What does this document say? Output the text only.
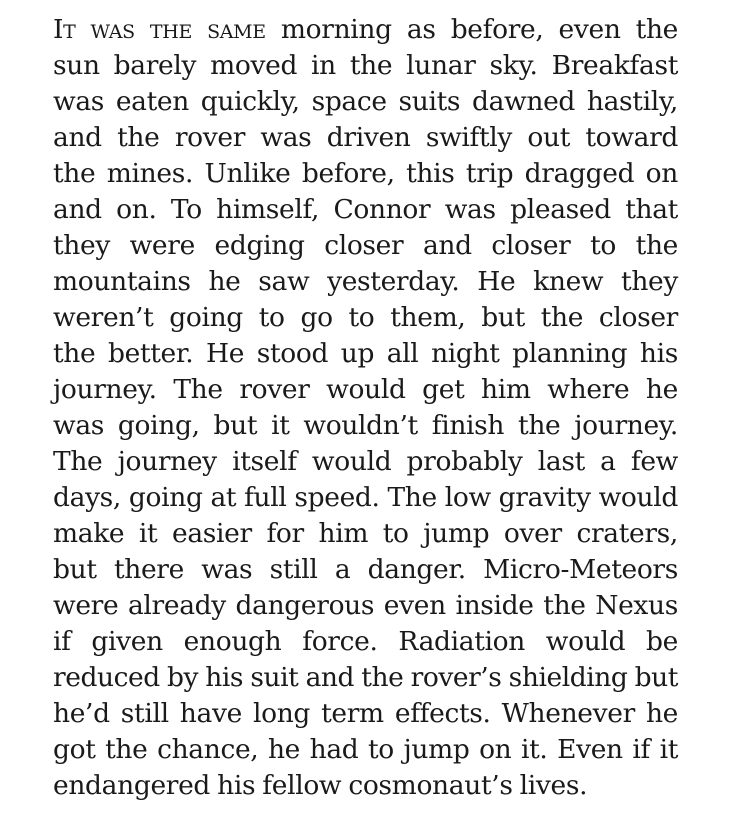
It was the same morning as before, even the
sun barely moved in the lunar sky. Breakfast
was eaten quickly, space suits dawned hastily,
and the rover was driven swiftly out toward
the mines. Unlike before, this trip dragged on
and on. To himself, Connor was pleased that
they were edging closer and closer to the
mountains he saw yesterday. He knew they
weren’t going to go to them, but the closer
the better. He stood up all night planning his
journey. The rover would get him where he
was going, but it wouldn’t finish the journey.
The journey itself would probably last a few
days, going at full speed. The low gravity would
make it easier for him to jump over craters,
but there was still a danger. Micro-Meteors
were already dangerous even inside the Nexus
if given enough force. Radiation would be
reduced by his suit and the rover’s shielding but
he’d still have long term effects. Whenever he
got the chance, he had to jump on it. Even if it
endangered his fellow cosmonaut’s lives.
